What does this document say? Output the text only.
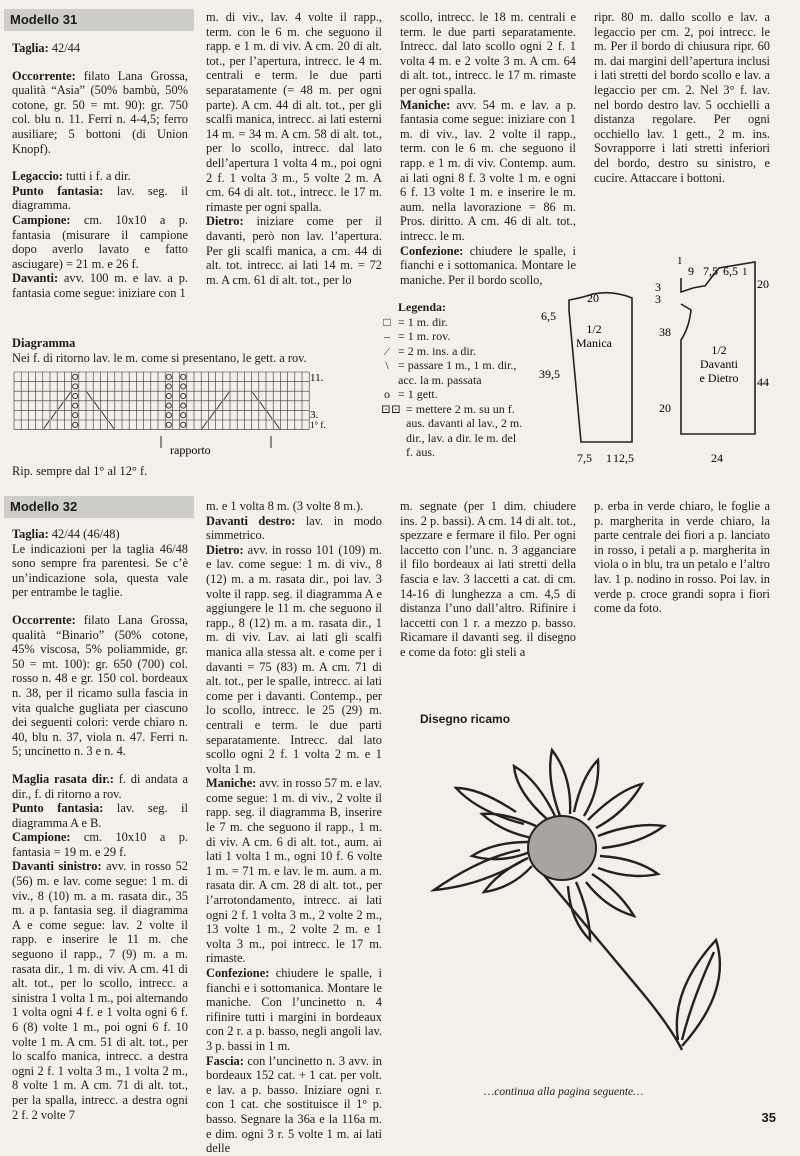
Modello 31

Taglia: 42/44

Occorrente: filato Lana Grossa, qualità “Asia” (50% bambù, 50% cotone, gr. 50 = mt. 90): gr. 750 col. blu n. 11. Ferri n. 4-4,5; ferro ausiliare; 5 bottoni (di Union Knopf).

Legaccio: tutti i f. a dir.

Punto fantasia: lav. seg. il diagramma.

Campione: cm. 10x10 a p. fantasia (misurare il campione dopo averlo lavato e fatto asciugare) = 21 m. e 26 f.

Davanti: avv. 100 m. e lav. a p. fantasia come segue: iniziare con 1

m. di viv., lav. 4 volte il rapp., term. con le 6 m. che seguono il rapp. e 1 m. di viv. A cm. 20 di alt. tot., per l’apertura, intrecc. le 4 m. centrali e term. le due parti separatamente (= 48 m. per ogni parte). A cm. 44 di alt. tot., per gli scalfi manica, intrecc. ai lati esterni 14 m. = 34 m. A cm. 58 di alt. tot., per lo scollo, intrecc. dal lato dell’apertura 1 volta 4 m., poi ogni 2 f. 1 volta 3 m., 5 volte 2 m. A cm. 64 di alt. tot., intrecc. le 17 m. rimaste per ogni spalla.

Dietro: iniziare come per il davanti, però non lav. l’apertura. Per gli scalfi manica, a cm. 44 di alt. tot. intrecc. ai lati 14 m. = 72 m. A cm. 61 di alt. tot., per lo

scollo, intrecc. le 18 m. centrali e term. le due parti separatamente. Intrecc. dal lato scollo ogni 2 f. 1 volta 4 m. e 2 volte 3 m. A cm. 64 di alt. tot., intrecc. le 17 m. rimaste per ogni spalla.

Maniche: avv. 54 m. e lav. a p. fantasia come segue: iniziare con 1 m. di viv., lav. 2 volte il rapp., term. con le 6 m. che seguono il rapp. e 1 m. di viv. Contemp. aum. ai lati ogni 8 f. 3 volte 1 m. e ogni 6 f. 13 volte 1 m. e inserire le m. aum. nella lavorazione = 86 m. Pros. diritto. A cm. 46 di alt. tot., intrecc. le m.

Confezione: chiudere le spalle, i fianchi e i sottomanica. Montare le maniche. Per il bordo scollo,

ripr. 80 m. dallo scollo e lav. a legaccio per cm. 2, poi intrecc. le m. Per il bordo di chiusura ripr. 60 m. dai margini dell’apertura inclusi i lati stretti del bordo scollo e lav. a legaccio per cm. 2. Nel 3° f. lav. nel bordo destro lav. 5 occhielli a distanza regolare. Per ogni occhiello lav. 1 gett., 2 m. ins. Sovrapporre i lati stretti inferiori del bordo, destro su sinistro, e cucire. Attaccare i bottoni.

Diagramma
Nei f. di ritorno lav. le m. come si presentano, le gett. a rov.
11.
3.
1° f.
rapporto
Rip. sempre dal 1° al 12° f.
Legenda:
□ = 1 m. dir.
– = 1 m. rov.
⁄ = 2 m. ins. a dir.
\ = passare 1 m., 1 m. dir., acc. la m. passata
o = 1 gett.
⊡⊡ = mettere 2 m. su un f. aus. davanti al lav., 2 m. dir., lav. a dir. le m. del f. aus.
1/2
Manica
20
6,5
39,5
7,5 1 12,5
1/2
Davanti
e Dietro
1
9 7,5 6,5 1
3
3
20
38
20
44
24
Modello 32

Taglia: 42/44 (46/48)

Le indicazioni per la taglia 46/48 sono sempre fra parentesi. Se c’è un’indicazione sola, questa vale per entrambe le taglie.

Occorrente: filato Lana Grossa, qualità “Binario” (50% cotone, 45% viscosa, 5% poliammide, gr. 50 = mt. 100): gr. 650 (700) col. rosso n. 48 e gr. 150 col. bordeaux n. 38, per il ricamo sulla fascia in vita qualche gugliata per ciascuno dei seguenti colori: verde chiaro n. 40, blu n. 37, viola n. 47. Ferri n. 5; uncinetto n. 3 e n. 4.

Maglia rasata dir.: f. di andata a dir., f. di ritorno a rov.

Punto fantasia: lav. seg. il diagramma A e B.

Campione: cm. 10x10 a p. fantasia = 19 m. e 29 f.

Davanti sinistro: avv. in rosso 52 (56) m. e lav. come segue: 1 m. di viv., 8 (10) m. a m. rasata dir., 35 m. a p. fantasia seg. il diagramma A e come segue: lav. 2 volte il rapp. e inserire le 11 m. che seguono il rapp., 7 (9) m. a m. rasata dir., 1 m. di viv. A cm. 41 di alt. tot., per lo scollo, intrecc. a sinistra 1 volta 1 m., poi alternando 1 volta ogni 4 f. e 1 volta ogni 6 f. 6 (8) volte 1 m., poi ogni 6 f. 10 volte 1 m. A cm. 51 di alt. tot., per lo scalfo manica, intrecc. a destra ogni 2 f. 1 volta 3 m., 1 volta 2 m., 8 volte 1 m. A cm. 71 di alt. tot., per la spalla, intrecc. a destra ogni 2 f. 2 volte 7

m. e 1 volta 8 m. (3 volte 8 m.).

Davanti destro: lav. in modo simmetrico.

Dietro: avv. in rosso 101 (109) m. e lav. come segue: 1 m. di viv., 8 (12) m. a m. rasata dir., poi lav. 3 volte il rapp. seg. il diagramma A e aggiungere le 11 m. che seguono il rapp., 8 (12) m. a m. rasata dir., 1 m. di viv. Lav. ai lati gli scalfi manica alla stessa alt. e come per i davanti = 75 (83) m. A cm. 71 di alt. tot., per le spalle, intrecc. ai lati come per i davanti. Contemp., per lo scollo, intrecc. le 25 (29) m. centrali e term. le due parti separatamente. Intrecc. dal lato scollo ogni 2 f. 1 volta 2 m. e 1 volta 1 m.

Maniche: avv. in rosso 57 m. e lav. come segue: 1 m. di viv., 2 volte il rapp. seg. il diagramma B, inserire le 7 m. che seguono il rapp., 1 m. di viv. A cm. 6 di alt. tot., aum. ai lati 1 volta 1 m., ogni 10 f. 6 volte 1 m. = 71 m. e lav. le m. aum. a m. rasata dir. A cm. 28 di alt. tot., per l’arrotondamento, intrecc. ai lati ogni 2 f. 1 volta 3 m., 2 volte 2 m., 13 volte 1 m., 2 volte 2 m. e 1 volta 3 m., poi intrecc. le 17 m. rimaste.

Confezione: chiudere le spalle, i fianchi e i sottomanica. Montare le maniche. Con l’uncinetto n. 4 rifinire tutti i margini in bordeaux con 2 r. a p. basso, negli angoli lav. 3 p. bassi in 1 m.

Fascia: con l’uncinetto n. 3 avv. in bordeaux 152 cat. + 1 cat. per volt. e lav. a p. basso. Iniziare ogni r. con 1 cat. che sostituisce il 1° p. basso. Segnare la 36a e la 116a m. e dim. ogni 3 r. 5 volte 1 m. ai lati delle

m. segnate (per 1 dim. chiudere ins. 2 p. bassi). A cm. 14 di alt. tot., spezzare e fermare il filo. Per ogni laccetto con l’unc. n. 3 agganciare il filo bordeaux ai lati stretti della fascia e lav. 3 laccetti a cat. di cm. 14-16 di lunghezza a cm. 4,5 di distanza l’uno dall’altro. Rifinire i laccetti con 1 r. a mezzo p. basso. Ricamare il davanti seg. il disegno e come da foto: gli steli a

p. erba in verde chiaro, le foglie a p. margherita in verde chiaro, la parte centrale dei fiori a p. lanciato in rosso, i petali a p. margherita in viola o in blu, tra un petalo e l’altro lav. 1 p. nodino in rosso. Poi lav. in verde p. croce grandi sopra i fiori come da foto.

Disegno ricamo
…continua alla pagina seguente…
35
